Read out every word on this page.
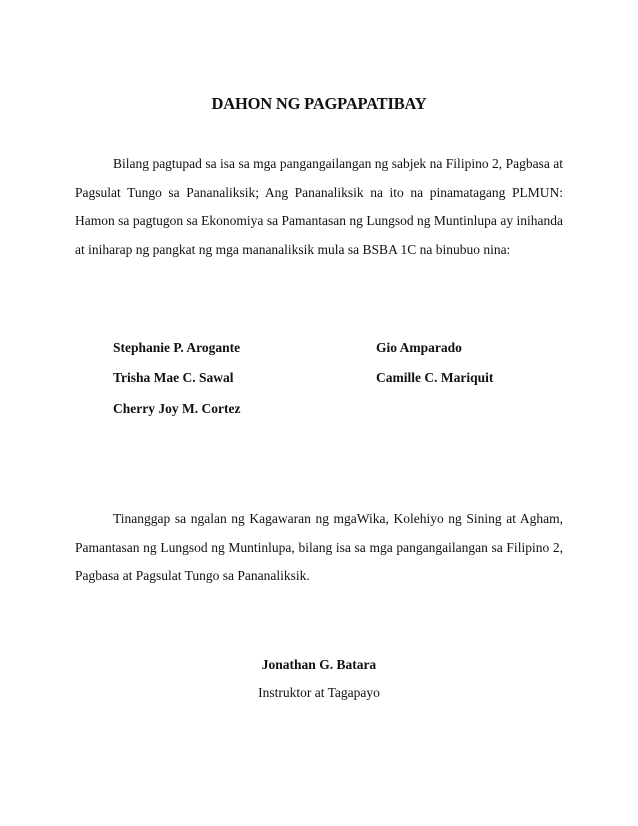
DAHON NG PAGPAPATIBAY

Bilang pagtupad sa isa sa mga pangangailangan ng sabjek na Filipino 2, Pagbasa at Pagsulat Tungo sa Pananaliksik; Ang Pananaliksik na ito na pinamatagang PLMUN: Hamon sa pagtugon sa Ekonomiya sa Pamantasan ng Lungsod ng Muntinlupa ay inihanda at iniharap ng pangkat ng mga mananaliksik mula sa BSBA 1C na binubuo nina:

Stephanie P. Arogante
Trisha Mae C. Sawal
Cherry Joy M. Cortez
Gio Amparado
Camille C. Mariquit

Tinanggap sa ngalan ng Kagawaran ng mgaWika, Kolehiyo ng Sining at Agham, Pamantasan ng Lungsod ng Muntinlupa, bilang isa sa mga pangangailangan sa Filipino 2, Pagbasa at Pagsulat Tungo sa Pananaliksik.

Jonathan G. Batara
Instruktor at Tagapayo
